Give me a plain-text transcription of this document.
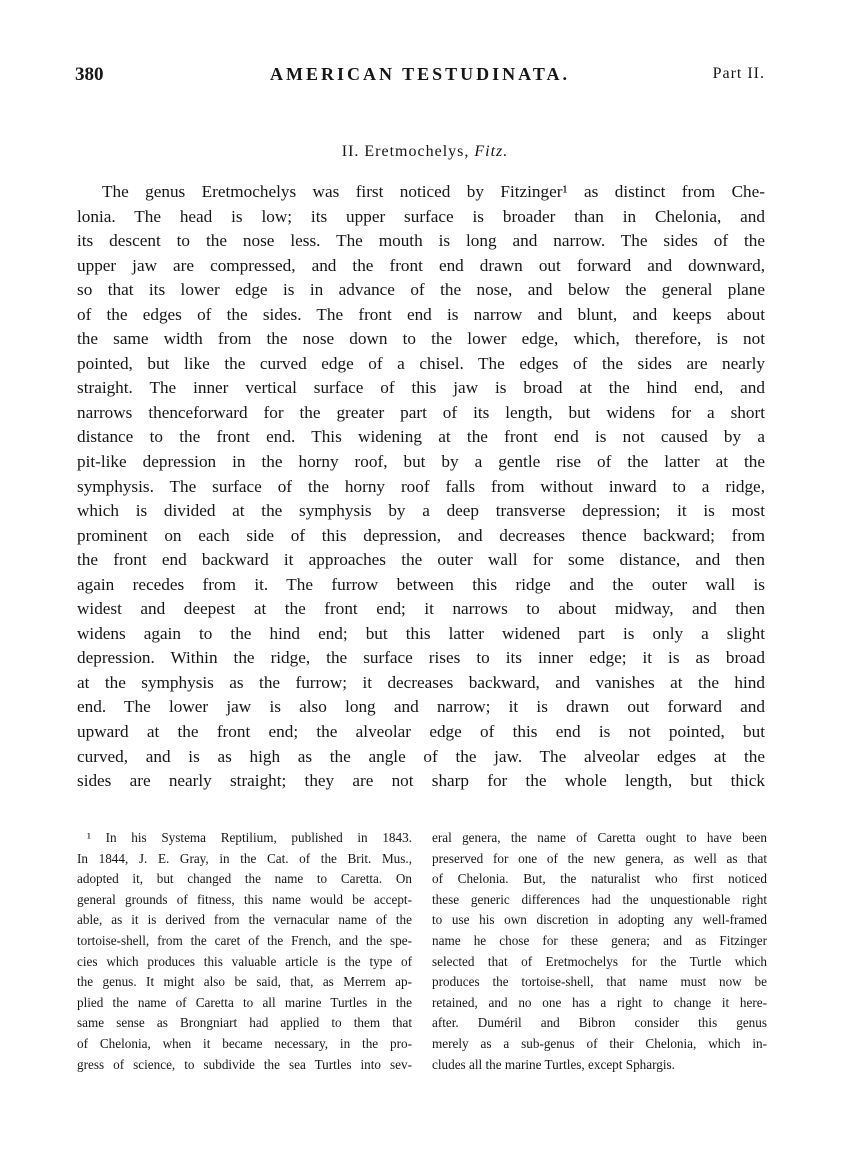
380	AMERICAN TESTUDINATA.	Part II.
II. Eretmochelys, Fitz.
The genus Eretmochelys was first noticed by Fitzinger¹ as distinct from Che-
lonia. The head is low; its upper surface is broader than in Chelonia, and
its descent to the nose less. The mouth is long and narrow. The sides of the
upper jaw are compressed, and the front end drawn out forward and downward,
so that its lower edge is in advance of the nose, and below the general plane
of the edges of the sides. The front end is narrow and blunt, and keeps about
the same width from the nose down to the lower edge, which, therefore, is not
pointed, but like the curved edge of a chisel. The edges of the sides are nearly
straight. The inner vertical surface of this jaw is broad at the hind end, and
narrows thenceforward for the greater part of its length, but widens for a short
distance to the front end. This widening at the front end is not caused by a
pit-like depression in the horny roof, but by a gentle rise of the latter at the
symphysis. The surface of the horny roof falls from without inward to a ridge,
which is divided at the symphysis by a deep transverse depression; it is most
prominent on each side of this depression, and decreases thence backward; from
the front end backward it approaches the outer wall for some distance, and then
again recedes from it. The furrow between this ridge and the outer wall is
widest and deepest at the front end; it narrows to about midway, and then
widens again to the hind end; but this latter widened part is only a slight
depression. Within the ridge, the surface rises to its inner edge; it is as broad
at the symphysis as the furrow; it decreases backward, and vanishes at the hind
end. The lower jaw is also long and narrow; it is drawn out forward and
upward at the front end; the alveolar edge of this end is not pointed, but
curved, and is as high as the angle of the jaw. The alveolar edges at the
sides are nearly straight; they are not sharp for the whole length, but thick
¹ In his Systema Reptilium, published in 1843.
In 1844, J. E. Gray, in the Cat. of the Brit. Mus.,
adopted it, but changed the name to Caretta. On
general grounds of fitness, this name would be accept-
able, as it is derived from the vernacular name of the
tortoise-shell, from the caret of the French, and the spe-
cies which produces this valuable article is the type of
the genus. It might also be said, that, as Merrem ap-
plied the name of Caretta to all marine Turtles in the
same sense as Brongniart had applied to them that
of Chelonia, when it became necessary, in the pro-
gress of science, to subdivide the sea Turtles into sev-
eral genera, the name of Caretta ought to have been
preserved for one of the new genera, as well as that
of Chelonia. But, the naturalist who first noticed
these generic differences had the unquestionable right
to use his own discretion in adopting any well-framed
name he chose for these genera; and as Fitzinger
selected that of Eretmochelys for the Turtle which
produces the tortoise-shell, that name must now be
retained, and no one has a right to change it here-
after. Duméril and Bibron consider this genus
merely as a sub-genus of their Chelonia, which in-
cludes all the marine Turtles, except Sphargis.
